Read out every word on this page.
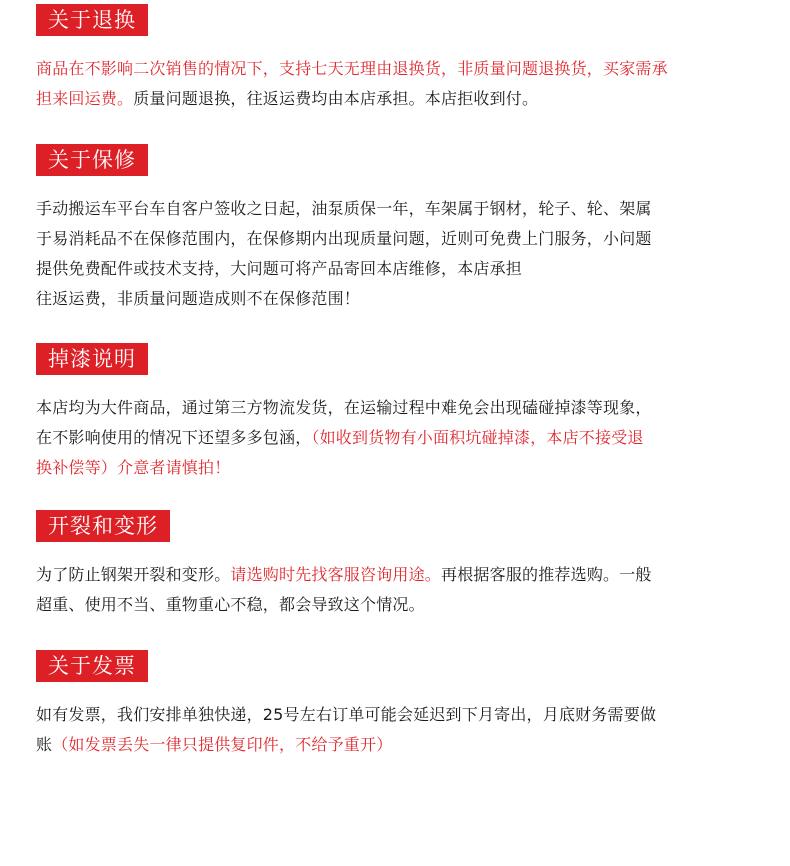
关于退换
商品在不影响二次销售的情况下，支持七天无理由退换货，非质量问题退换货，买家需承
担来回运费。质量问题退换，往返运费均由本店承担。本店拒收到付。
关于保修
手动搬运车平台车自客户签收之日起，油泵质保一年，车架属于钢材，轮子、轮、架属
于易消耗品不在保修范围内，在保修期内出现质量问题，近则可免费上门服务，小问题
提供免费配件或技术支持，大问题可将产品寄回本店维修，本店承担
往返运费，非质量问题造成则不在保修范围！
掉漆说明
本店均为大件商品，通过第三方物流发货，在运输过程中难免会出现磕碰掉漆等现象，
在不影响使用的情况下还望多多包涵，（如收到货物有小面积坑碰掉漆，本店不接受退
换补偿等）介意者请慎拍！
开裂和变形
为了防止钢架开裂和变形。请选购时先找客服咨询用途。再根据客服的推荐选购。一般
超重、使用不当、重物重心不稳，都会导致这个情况。
关于发票
如有发票，我们安排单独快递，25号左右订单可能会延迟到下月寄出，月底财务需要做
账（如发票丢失一律只提供复印件，不给予重开）
